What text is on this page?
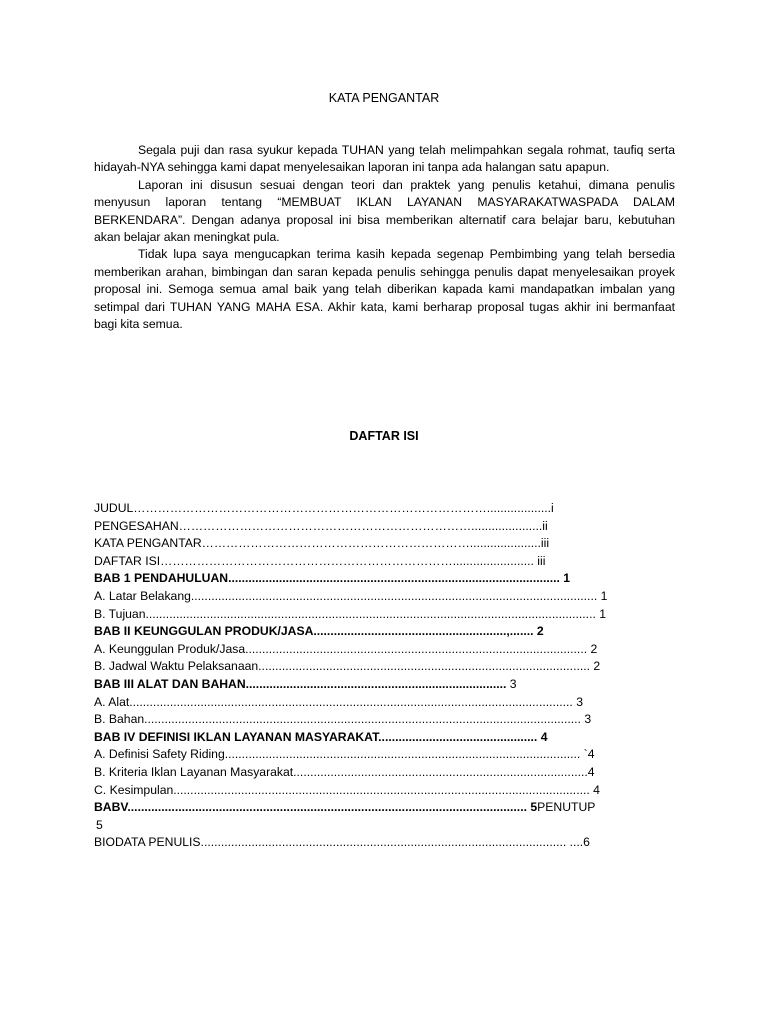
KATA PENGANTAR

Segala puji dan rasa syukur kepada TUHAN yang telah melimpahkan segala rohmat, taufiq serta hidayah-NYA sehingga kami dapat menyelesaikan laporan ini tanpa ada halangan satu apapun.

Laporan ini disusun sesuai dengan teori dan praktek yang penulis ketahui, dimana penulis menyusun laporan tentang “MEMBUAT IKLAN LAYANAN MASYARAKATWASPADA DALAM BERKENDARA”. Dengan adanya proposal ini bisa memberikan alternatif cara belajar baru, kebutuhan akan belajar akan meningkat pula.

Tidak lupa saya mengucapkan terima kasih kepada segenap Pembimbing yang telah bersedia memberikan arahan, bimbingan dan saran kepada penulis sehingga penulis dapat menyelesaikan proyek proposal ini. Semoga semua amal baik yang telah diberikan kapada kami mandapatkan imbalan yang setimpal dari TUHAN YANG MAHA ESA. Akhir kata, kami berharap proposal tugas akhir ini bermanfaat bagi kita semua.

DAFTAR ISI
JUDUL……………………………………………………………………………...................i
PENGESAHAN……………………………………………………………….....................ii
KATA PENGANTAR………………………………………………………….....................iii
DAFTAR ISI………………………………………………………………........................ iii
BAB 1 PENDAHULUAN.................................................................................................. 1
A. Latar Belakang........................................................................................................................ 1
B. Tujuan..................................................................................................................................... 1
BAB II KEUNGGULAN PRODUK/JASA.........................................................,....... 2
A. Keunggulan Produk/Jasa..................................................................................................... 2
B. Jadwal Waktu Pelaksanaan.................................................................................................. 2
BAB III ALAT DAN BAHAN............................................................................. 3
A. Alat................................................................................................................................... 3
B. Bahan................................................................................................................................. 3
BAB IV DEFINISI IKLAN LAYANAN MASYARAKAT............................................... 4
A. Definisi Safety Riding......................................................................................................... `4
B. Kriteria Iklan Layanan Masyarakat.......................................................................................4
C. Kesimpulan........................................................................................................................... 4
BABV...................................................................................................................... 5PENUTUP
5
BIODATA PENULIS............................................................................................................ ....6
